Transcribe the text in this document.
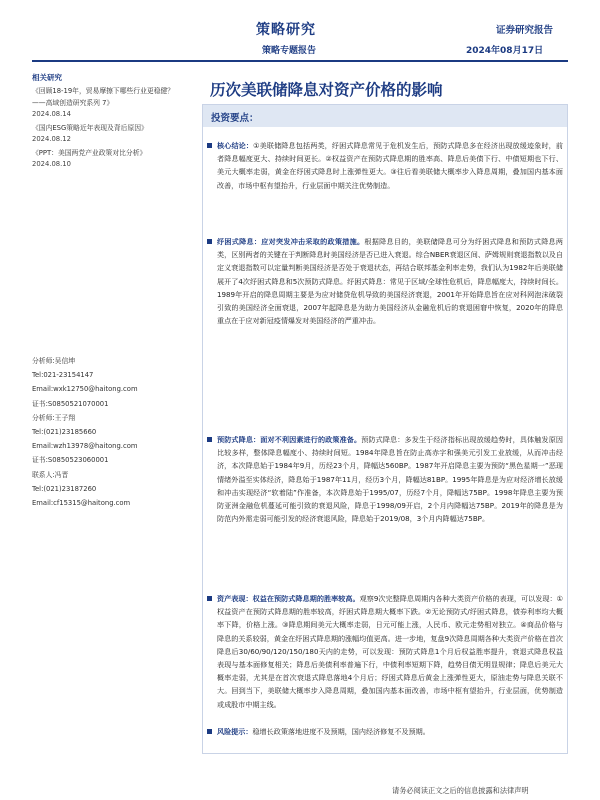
策略研究
策略专题报告
证券研究报告
2024年08月17日
相关研究
《回顾18-19年，贸易摩擦下哪些行业更稳健？——高域创造研究系列 7》
2024.08.14
《国内ESG策略近年表现及背后原因》
2024.08.12
《PPT：美国两党产业政策对比分析》
2024.08.10
分析师:吴信坤
Tel:021-23154147
Email:wxk12750@haitong.com
证书:S0850521070001
分析师:王子翔
Tel:(021)23185660
Email:wzh13978@haitong.com
证书:S0850523060001
联系人:冯晋
Tel:(021)23187260
Email:cf15315@haitong.com
历次美联储降息对资产价格的影响
投资要点：
核心结论：①美联储降息包括两类，纾困式降息常见于危机发生后，预防式降息多在经济出现放缓迹象时，前者降息幅度更大、持续时间更长。②权益资产在预防式降息期的胜率高、降息后美债下行、中债短期也下行、美元大概率走弱，黄金在纾困式降息时上涨弹性更大。③往后看美联储大概率步入降息周期，叠加国内基本面改善，市场中枢有望抬升，行业层面中期关注优势制造。
纾困式降息：应对突发冲击采取的政策措施。根据降息目的，美联储降息可分为纾困式降息和预防式降息两类，区别两者的关键在于判断降息时美国经济是否已进入衰退。综合NBER衰退区间、萨姆规则衰退指数以及自定义衰退指数可以定量判断美国经济是否处于衰退状态，再结合联邦基金利率走势，我们认为1982年后美联储展开了4次纾困式降息和5次预防式降息。纾困式降息：常见于区域/全球性危机后，降息幅度大，持续时间长。1989年开启的降息周期主要是为应对储贷危机导致的美国经济衰退，2001年开始降息旨在应对科网泡沫破裂引致的美国经济全面衰退，2007年起降息是为助力美国经济从金融危机后的衰退困窘中恢复，2020年的降息重点在于应对新冠疫情爆发对美国经济的严重冲击。
预防式降息：面对不利因素进行的政策准备。预防式降息：多发生于经济指标出现放缓趋势时，具体触发原因比较多样，整体降息幅度小、持续时间短。1984年降息旨在防止高赤字和强美元引发工业放缓，从而冲击经济，本次降息始于1984年9月，历经23个月，降幅达560BP。1987年开启降息主要为预防“黑色星期一”恶现情绪外溢至实体经济，降息始于1987年11月，经历3个月，降幅达81BP。1995年降息是为应对经济增长放缓和冲击实现经济“软着陆”作准备，本次降息始于1995/07，历经7个月，降幅达75BP。1998年降息主要为预防亚洲金融危机蔓延可能引致的衰退风险，降息于1998/09开启，2个月内降幅达75BP。2019年的降息是为防范内外需走弱可能引发的经济衰退风险，降息始于2019/08，3个月内降幅达75BP。
资产表现：权益在预防式降息期的胜率较高。观察9次完整降息周期内各种大类资产价格的表现，可以发现：①权益资产在预防式降息期的胜率较高，纾困式降息期大概率下跌。②无论预防式/纾困式降息，债券利率均大概率下降，价格上涨。③降息期间美元大概率走弱，日元可能上涨，人民币、欧元走势相对独立。④商品价格与降息的关系较弱，黄金在纾困式降息期的涨幅均值更高。进一步地，复盘9次降息周期各种大类资产价格在首次降息后30/60/90/120/150/180天内的走势，可以发现：预防式降息1个月后权益胜率提升，衰退式降息权益表现与基本面修复相关；降息后美债利率普遍下行，中债利率短期下降，趋势目债无明显规律；降息后美元大概率走弱，尤其是在首次衰退式降息落地4个月后；纾困式降息后黄金上涨弹性更大，原油走势与降息关联不大。回到当下，美联储大概率步入降息周期，叠加国内基本面改善，市场中枢有望抬升，行业层面，优势制造或成股市中期主线。
风险提示：稳增长政策落地进度不及预期，国内经济修复不及预期。
请务必阅读正文之后的信息披露和法律声明
